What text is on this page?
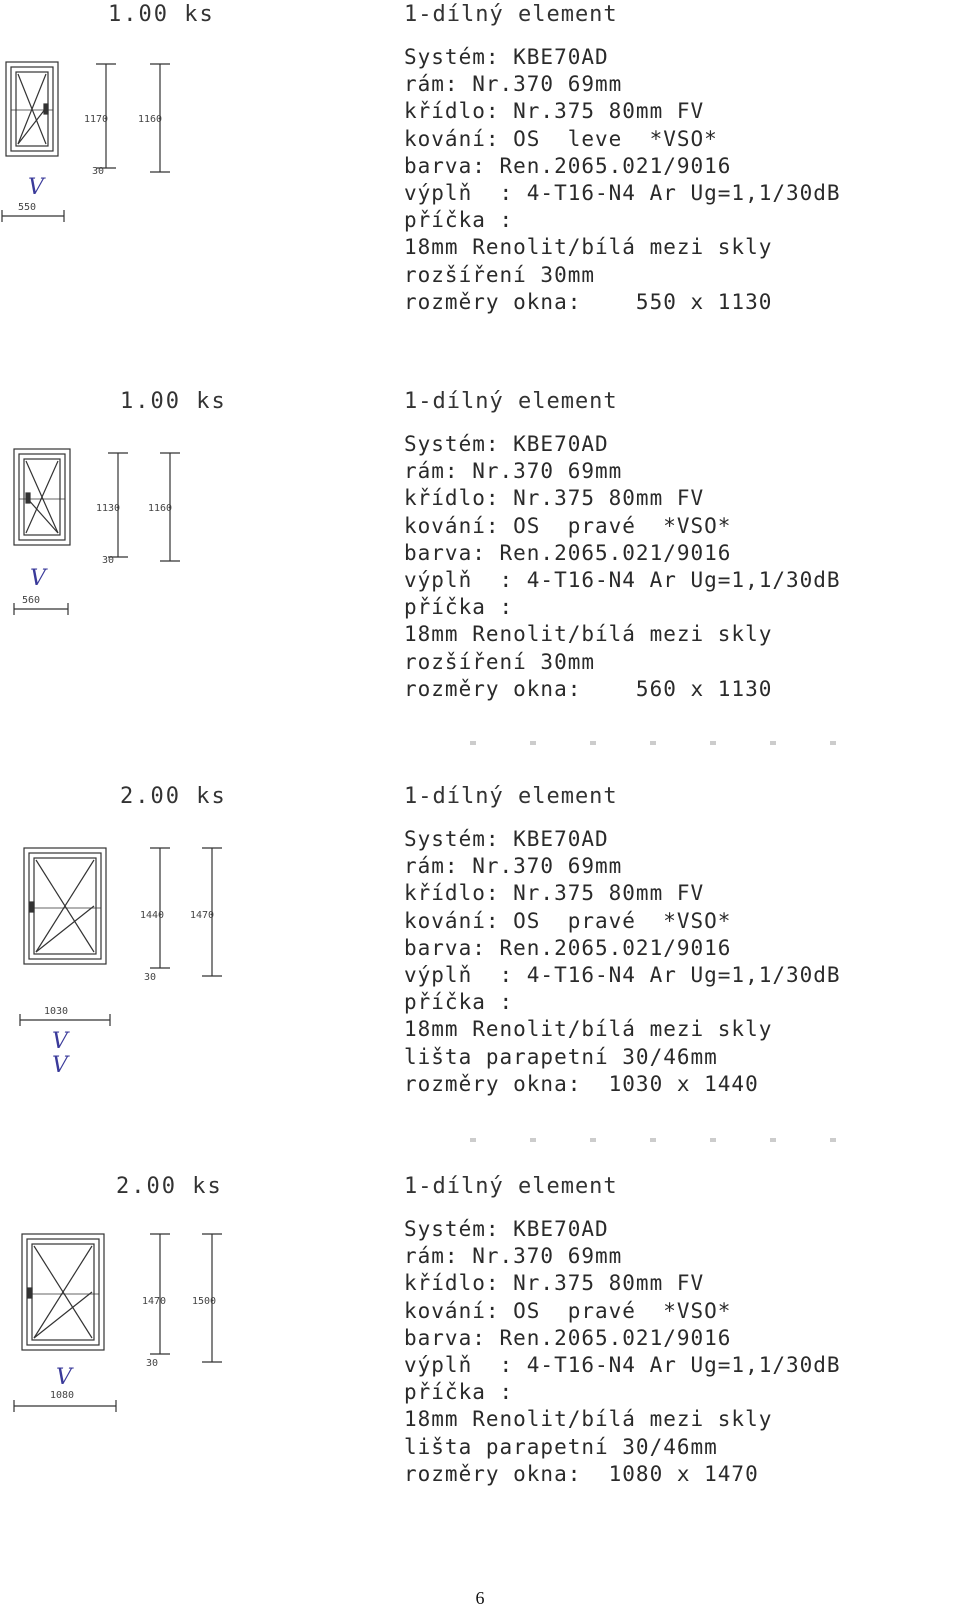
1.00 ks
1170	1160
30
550
V
1-dílný element
Systém: KBE70AD
rám: Nr.370 69mm
křídlo: Nr.375 80mm FV
kování: OS  leve  *VSO*
barva: Ren.2065.021/9016
výplň  : 4-T16-N4 Ar Ug=1,1/30dB
příčka :
18mm Renolit/bílá mezi skly
rozšíření 30mm
rozměry okna:    550 x 1130
1.00 ks
1130	1160
30
560
V
1-dílný element
Systém: KBE70AD
rám: Nr.370 69mm
křídlo: Nr.375 80mm FV
kování: OS  pravé  *VSO*
barva: Ren.2065.021/9016
výplň  : 4-T16-N4 Ar Ug=1,1/30dB
příčka :
18mm Renolit/bílá mezi skly
rozšíření 30mm
rozměry okna:    560 x 1130
2.00 ks
1440	1470
30
1030
V
V
1-dílný element
Systém: KBE70AD
rám: Nr.370 69mm
křídlo: Nr.375 80mm FV
kování: OS  pravé  *VSO*
barva: Ren.2065.021/9016
výplň  : 4-T16-N4 Ar Ug=1,1/30dB
příčka :
18mm Renolit/bílá mezi skly
lišta parapetní 30/46mm
rozměry okna:  1030 x 1440
2.00 ks
1470	1500
30
1080
V
1-dílný element
Systém: KBE70AD
rám: Nr.370 69mm
křídlo: Nr.375 80mm FV
kování: OS  pravé  *VSO*
barva: Ren.2065.021/9016
výplň  : 4-T16-N4 Ar Ug=1,1/30dB
příčka :
18mm Renolit/bílá mezi skly
lišta parapetní 30/46mm
rozměry okna:  1080 x 1470
6
